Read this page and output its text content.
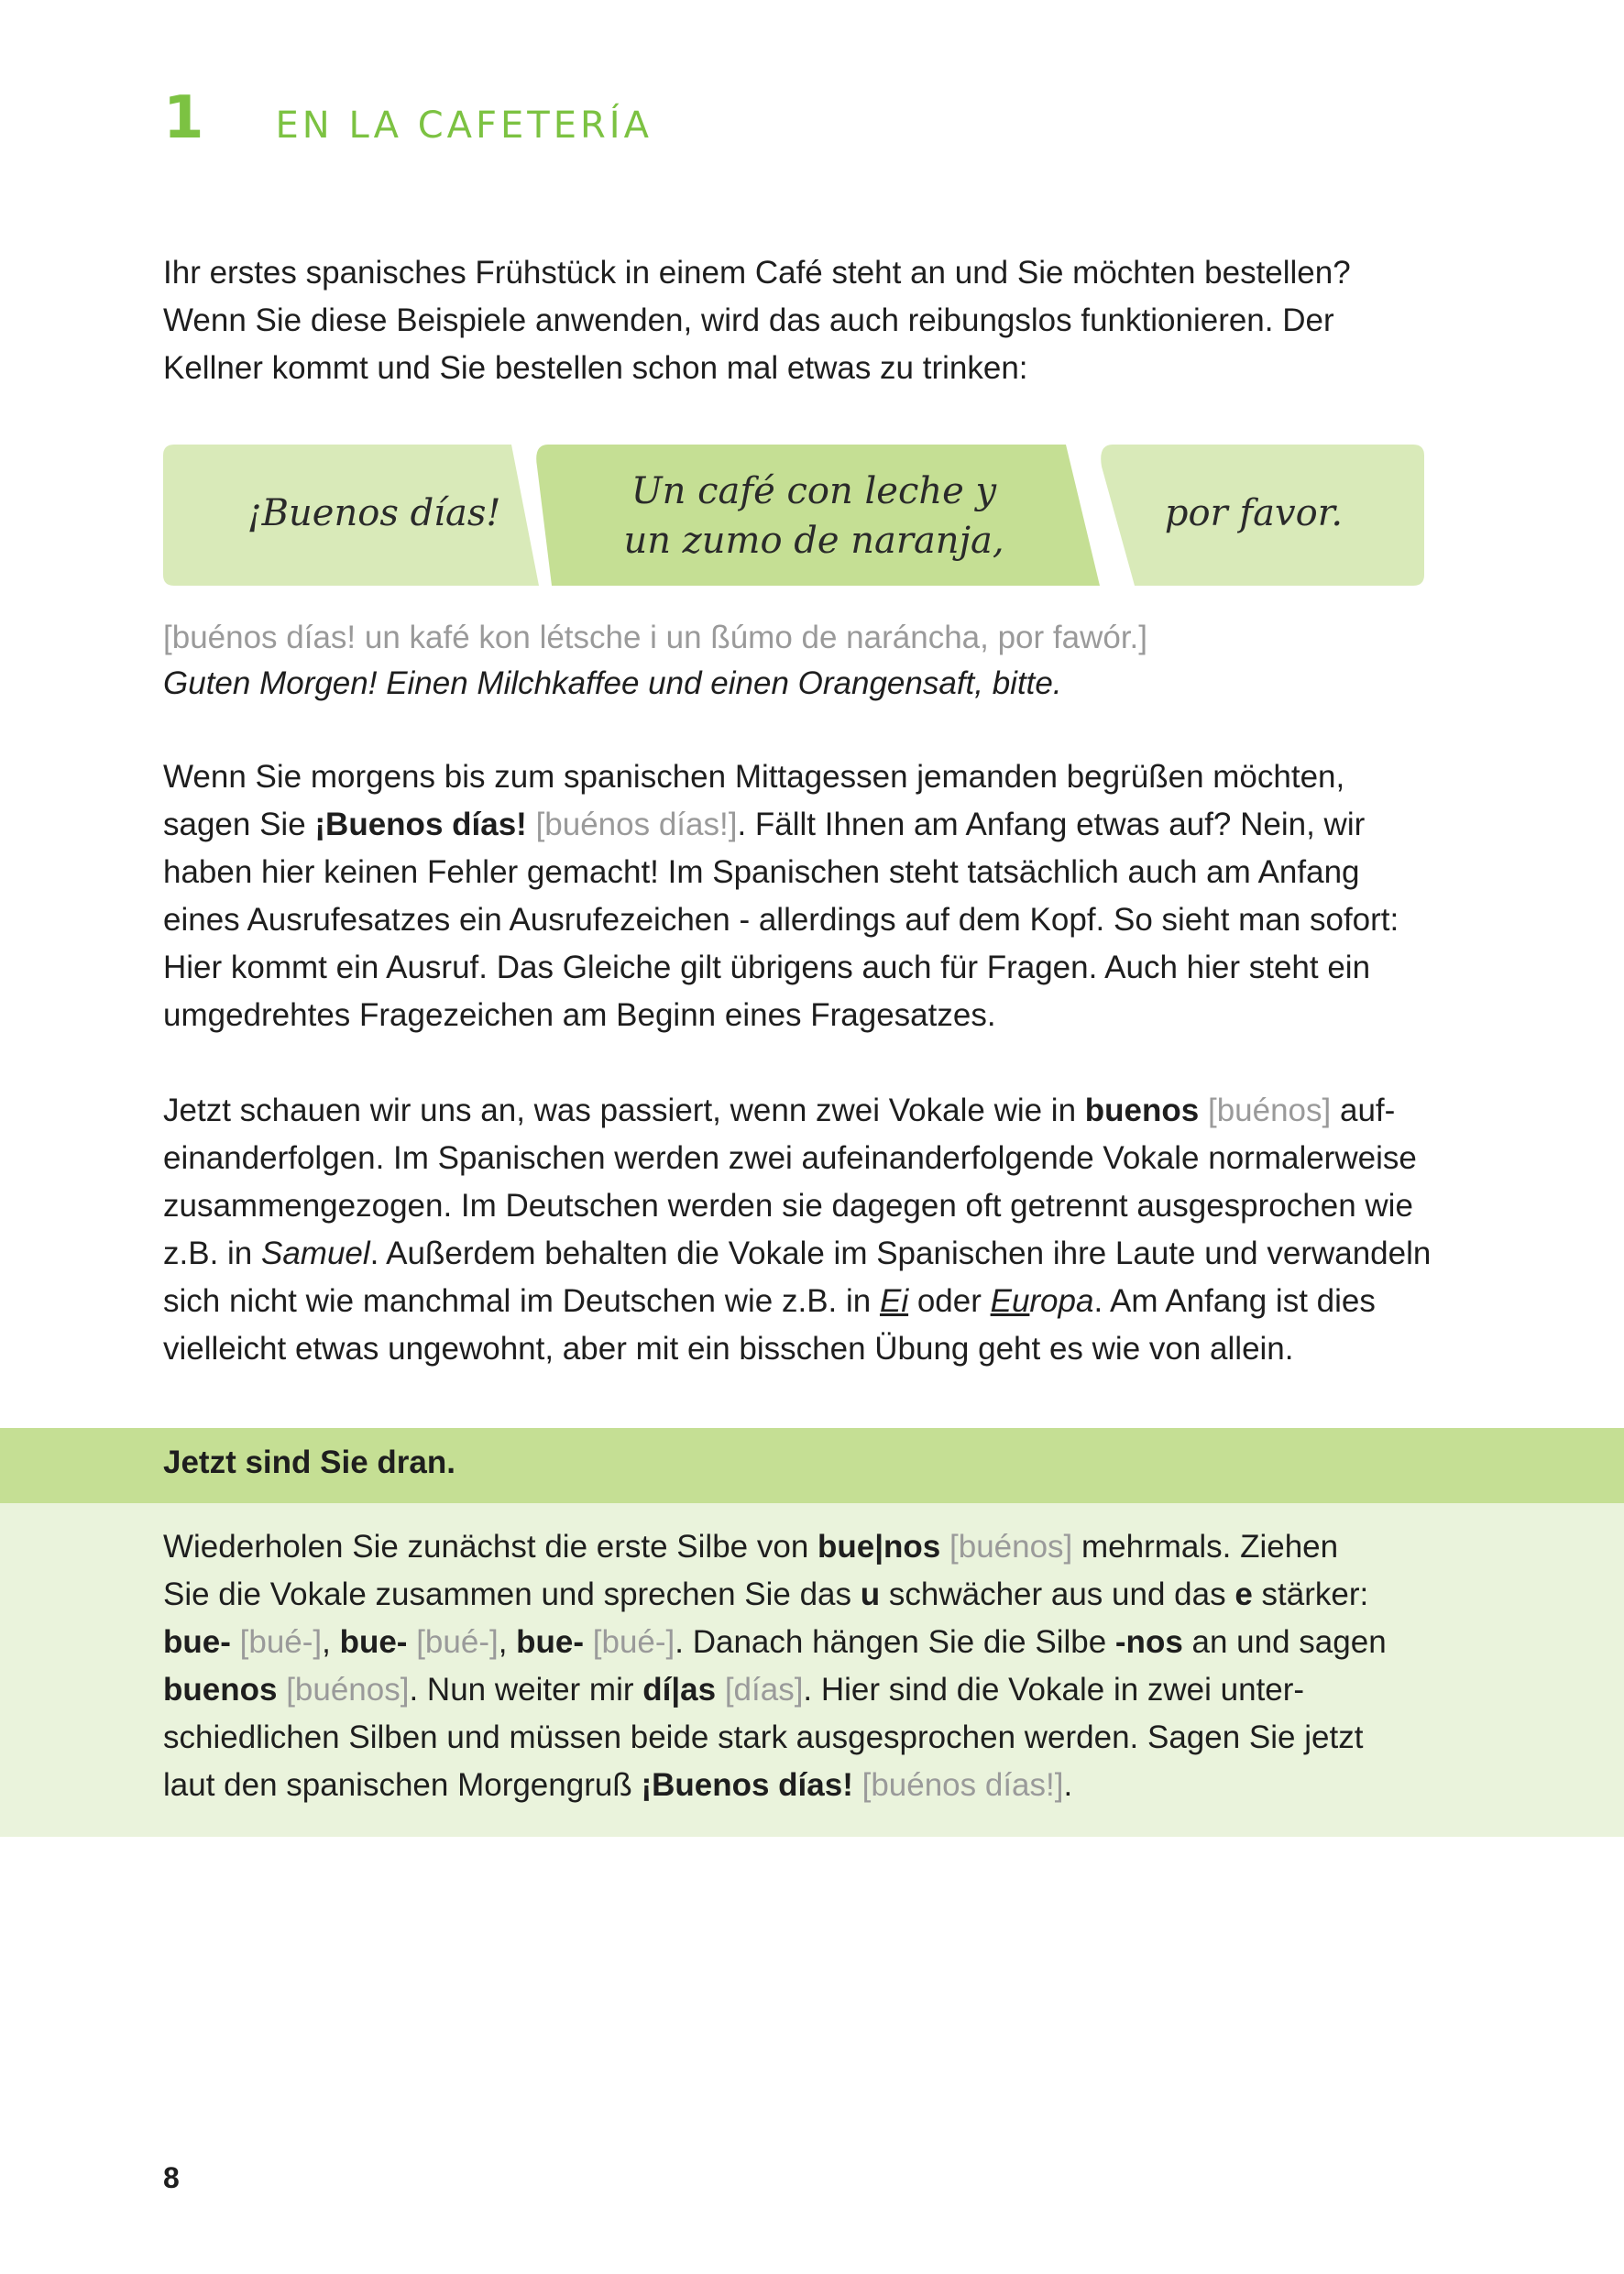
1 EN LA CAFETERÍA

Ihr erstes spanisches Frühstück in einem Café steht an und Sie möchten bestellen?

Wenn Sie diese Beispiele anwenden, wird das auch reibungslos funktionieren. Der

Kellner kommt und Sie bestellen schon mal etwas zu trinken:

¡Buenos días!
Un café con leche y
un zumo de naranja,
por favor.
[buénos días! un kafé kon létsche i un ßúmo de naráncha, por fawór.]
Guten Morgen! Einen Milchkaffee und einen Orangensaft, bitte.

Wenn Sie morgens bis zum spanischen Mittagessen jemanden begrüßen möchten,

sagen Sie ¡Buenos días! [buénos días!]. Fällt Ihnen am Anfang etwas auf? Nein, wir

haben hier keinen Fehler gemacht! Im Spanischen steht tatsächlich auch am Anfang

eines Ausrufesatzes ein Ausrufezeichen - allerdings auf dem Kopf. So sieht man sofort:

Hier kommt ein Ausruf. Das Gleiche gilt übrigens auch für Fragen. Auch hier steht ein

umgedrehtes Fragezeichen am Beginn eines Fragesatzes.

Jetzt schauen wir uns an, was passiert, wenn zwei Vokale wie in buenos [buénos] auf-

einanderfolgen. Im Spanischen werden zwei aufeinanderfolgende Vokale normalerweise

zusammengezogen. Im Deutschen werden sie dagegen oft getrennt ausgesprochen wie

z.B. in Samuel. Außerdem behalten die Vokale im Spanischen ihre Laute und verwandeln

sich nicht wie manchmal im Deutschen wie z.B. in Ei oder Europa. Am Anfang ist dies

vielleicht etwas ungewohnt, aber mit ein bisschen Übung geht es wie von allein.

Jetzt sind Sie dran.

Wiederholen Sie zunächst die erste Silbe von bue|nos [buénos] mehrmals. Ziehen

Sie die Vokale zusammen und sprechen Sie das u schwächer aus und das e stärker:

bue- [bué-], bue- [bué-], bue- [bué-]. Danach hängen Sie die Silbe -nos an und sagen

buenos [buénos]. Nun weiter mir dí|as [días]. Hier sind die Vokale in zwei unter-

schiedlichen Silben und müssen beide stark ausgesprochen werden. Sagen Sie jetzt

laut den spanischen Morgengruß ¡Buenos días! [buénos días!].

8
